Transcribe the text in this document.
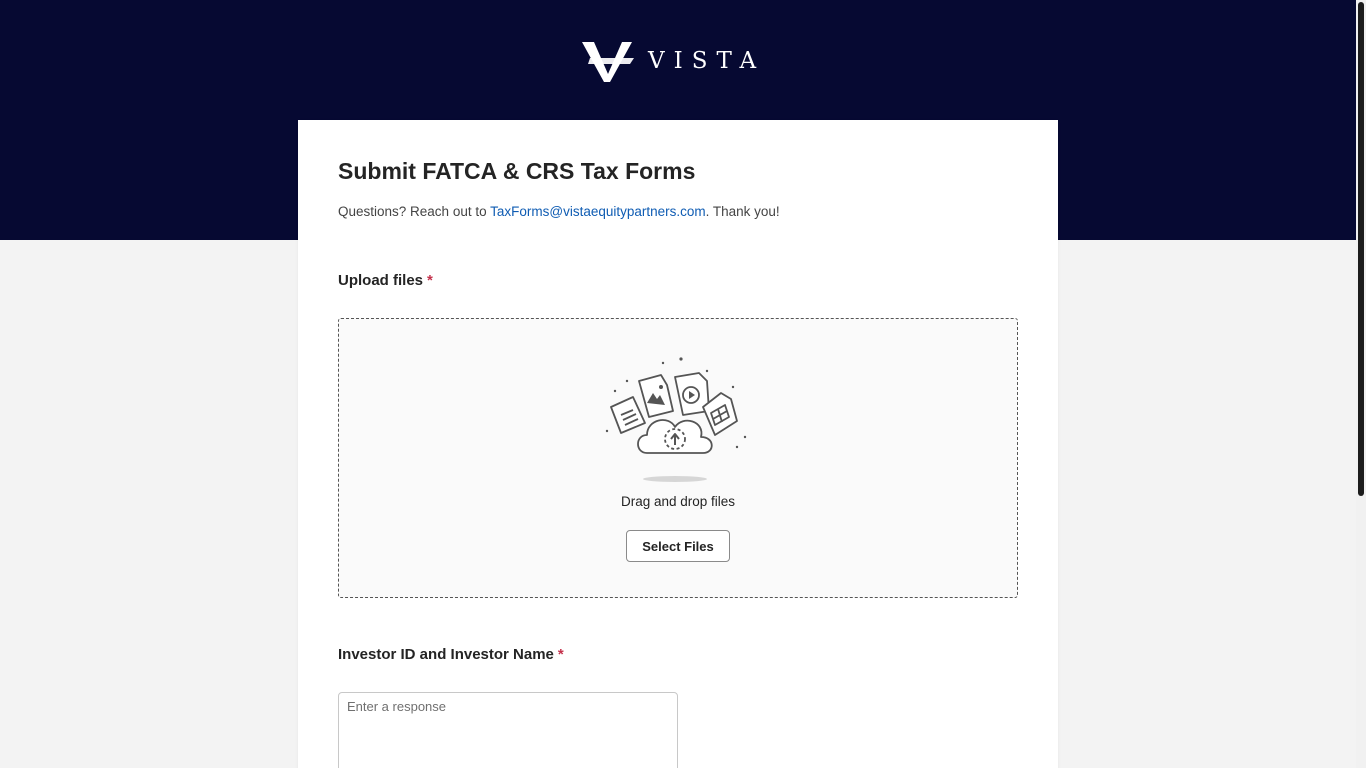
VISTA
Submit FATCA & CRS Tax Forms

Questions? Reach out to TaxForms@vistaequitypartners.com. Thank you!

Upload files *
Drag and drop files
Select Files
Investor ID and Investor Name *
Enter a response
